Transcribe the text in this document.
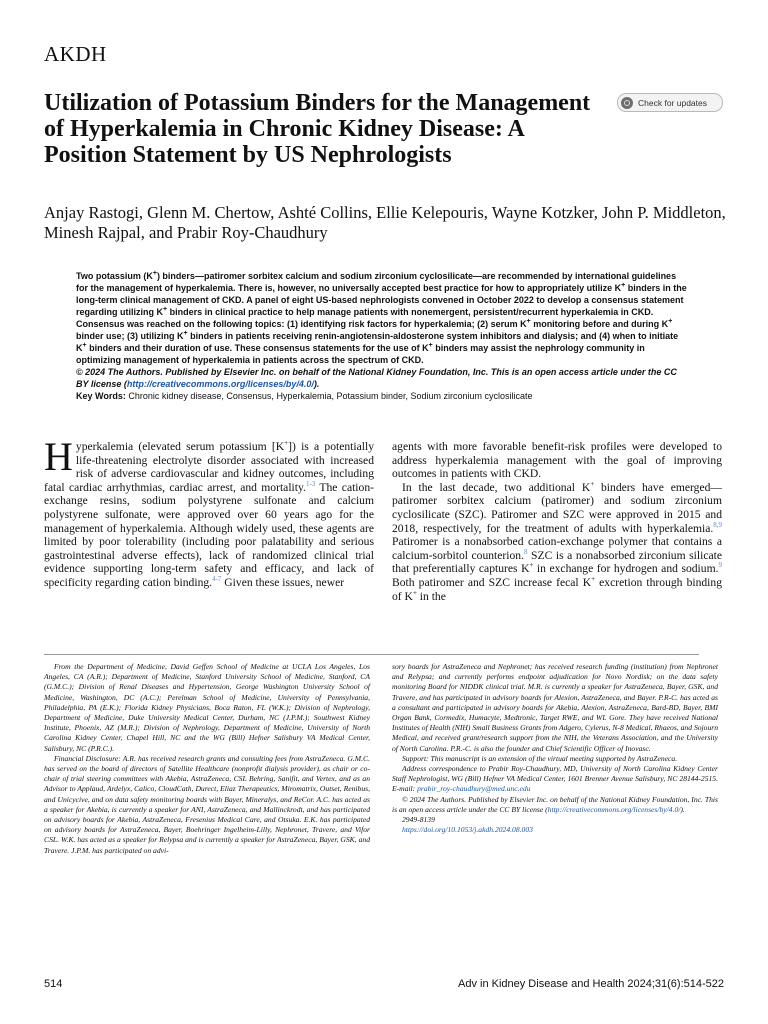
AKDH
Utilization of Potassium Binders for the Management of Hyperkalemia in Chronic Kidney Disease: A Position Statement by US Nephrologists
Check for updates
Anjay Rastogi, Glenn M. Chertow, Ashté Collins, Ellie Kelepouris, Wayne Kotzker, John P. Middleton, Minesh Rajpal, and Prabir Roy-Chaudhury

Two potassium (K+) binders—patiromer sorbitex calcium and sodium zirconium cyclosilicate—are recommended by international guidelines for the management of hyperkalemia. There is, however, no universally accepted best practice for how to appropriately utilize K+ binders in the long-term clinical management of CKD. A panel of eight US-based nephrologists convened in October 2022 to develop a consensus statement regarding utilizing K+ binders in clinical practice to help manage patients with nonemergent, persistent/recurrent hyperkalemia in CKD. Consensus was reached on the following topics: (1) identifying risk factors for hyperkalemia; (2) serum K+ monitoring before and during K+ binder use; (3) utilizing K+ binders in patients receiving renin-angiotensin-aldosterone system inhibitors and dialysis; and (4) when to initiate K+ binders and their duration of use. These consensus statements for the use of K+ binders may assist the nephrology community in optimizing management of hyperkalemia in patients across the spectrum of CKD.

© 2024 The Authors. Published by Elsevier Inc. on behalf of the National Kidney Foundation, Inc. This is an open access article under the CC BY license (http://creativecommons.org/licenses/by/4.0/).

Key Words: Chronic kidney disease, Consensus, Hyperkalemia, Potassium binder, Sodium zirconium cyclosilicate

Hyperkalemia (elevated serum potassium [K+]) is a potentially life-threatening electrolyte disorder associated with increased risk of adverse cardiovascular and kidney outcomes, including fatal cardiac arrhythmias, cardiac arrest, and mortality.$^{1-3}$ The cation-exchange resins, sodium polystyrene sulfonate and calcium polystyrene sulfonate, were approved over 60 years ago for the management of hyperkalemia. Although widely used, these agents are limited by poor tolerability (including poor palatability and serious gastrointestinal adverse effects), lack of randomized clinical trial evidence supporting long-term safety and efficacy, and lack of specificity regarding cation binding.$^{4-7}$ Given these issues, newer

agents with more favorable benefit-risk profiles were developed to address hyperkalemia management with the goal of improving outcomes in patients with CKD.

In the last decade, two additional K+ binders have emerged—patiromer sorbitex calcium (patiromer) and sodium zirconium cyclosilicate (SZC). Patiromer and SZC were approved in 2015 and 2018, respectively, for the treatment of adults with hyperkalemia.$^{8,9}$ Patiromer is a nonabsorbed cation-exchange polymer that contains a calcium-sorbitol counterion.$^8$ SZC is a nonabsorbed zirconium silicate that preferentially captures K+ in exchange for hydrogen and sodium.$^9$ Both patiromer and SZC increase fecal K+ excretion through binding of K+ in the

From the Department of Medicine, David Geffen School of Medicine at UCLA Los Angeles, Los Angeles, CA (A.R.); Department of Medicine, Stanford University School of Medicine, Stanford, CA (G.M.C.); Division of Renal Diseases and Hypertension, George Washington University School of Medicine, Washington, DC (A.C.); Perelman School of Medicine, University of Pennsylvania, Philadelphia, PA (E.K.); Florida Kidney Physicians, Boca Raton, FL (W.K.); Division of Nephrology, Department of Medicine, Duke University Medical Center, Durham, NC (J.P.M.); Southwest Kidney Institute, Phoenix, AZ (M.R.); Division of Nephrology, Department of Medicine, University of North Carolina Kidney Center, Chapel Hill, NC and the WG (Bill) Hefner Salisbury VA Medical Center, Salisbury, NC (P.R.C.).

Financial Disclosure: A.R. has received research grants and consulting fees from AstraZeneca. G.M.C. has served on the board of directors of Satellite Healthcare (nonprofit dialysis provider), as chair or co-chair of trial steering committees with Akebia, AstraZeneca, CSL Behring, Sanifit, and Vertex, and as an Advisor to Applaud, Ardelyx, Calico, CloudCath, Durect, Eliaz Therapeutics, Miromatrix, Outset, Renibus, and Unicycive, and on data safety monitoring boards with Bayer, Mineralys, and ReCor. A.C. has acted as a speaker for Akebia, is currently a speaker for ANI, AstraZeneca, and Mallinckrodt, and has participated on advisory boards for Akebia, AstraZeneca, Fresenius Medical Care, and Otsuka. E.K. has participated on advisory boards for AstraZeneca, Bayer, Boehringer Ingelheim-Lilly, Nephronet, Travere, and Vifor CSL. W.K. has acted as a speaker for Relypsa and is currently a speaker for AstraZeneca, Bayer, GSK, and Travere. J.P.M. has participated on advi-

sory boards for AstraZeneca and Nephronet; has received research funding (institution) from Nephronet and Relypsa; and currently performs endpoint adjudication for Novo Nordisk; on the data safety monitoring Board for NIDDK clinical trial. M.R. is currently a speaker for AstraZeneca, Bayer, GSK, and Travere, and has participated in advisory boards for Alexion, AstraZeneca, and Bayer. P.R-C. has acted as a consultant and participated in advisory boards for Akebia, Alexion, AstraZeneca, Bard-BD, Bayer, BMI Organ Bank, Cormedix, Humacyte, Medtronic, Target RWE, and WL Gore. They have received National Institutes of Health (NIH) Small Business Grants from Adgero, Cylerus, N-8 Medical, Rhaeos, and Sojourn Medical, and received grant/research support from the NIH, the Veterans Association, and the University of North Carolina. P.R.-C. is also the founder and Chief Scientific Officer of Inovasc.

Support: This manuscript is an extension of the virtual meeting supported by AstraZeneca.

Address correspondence to Prabir Roy-Chaudhury, MD, University of North Carolina Kidney Center Staff Nephrologist, WG (Bill) Hefner VA Medical Center, 1601 Brenner Avenue Salisbury, NC 28144-2515. E-mail: prabir_roy-chaudhury@med.unc.edu

© 2024 The Authors. Published by Elsevier Inc. on behalf of the National Kidney Foundation, Inc. This is an open access article under the CC BY license (http://creativecommons.org/licenses/by/4.0/).

2949-8139

https://doi.org/10.1053/j.akdh.2024.08.003

514	Adv in Kidney Disease and Health 2024;31(6):514-522
